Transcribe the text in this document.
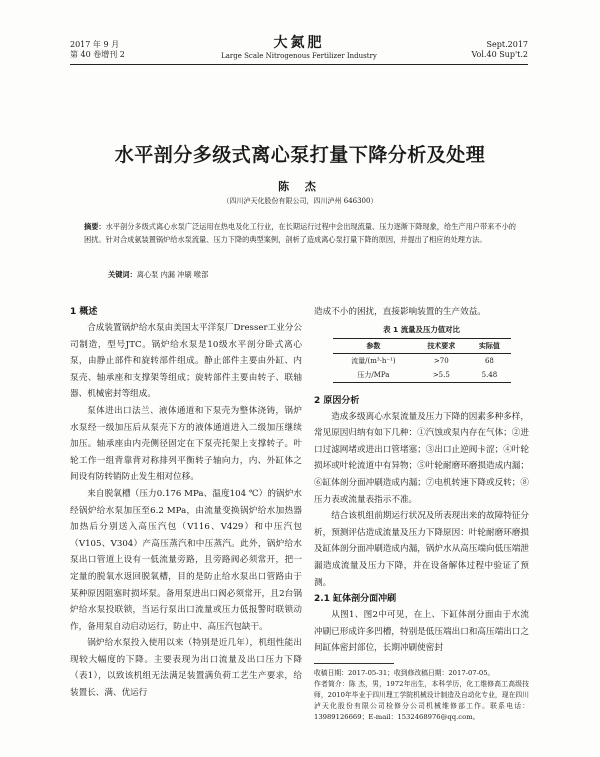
2017 年 9 月
第 40 卷增刊 2
大氮肥
Large Scale Nitrogenous Fertilizer Industry
Sept.2017
Vol.40 Sup't.2
水平剖分多级式离心泵打量下降分析及处理
陈 杰
（四川泸天化股份有限公司，四川泸州 646300）
摘要：水平剖分多级式离心水泵广泛运用在热电及化工行业，在长期运行过程中会出现流量、压力逐渐下降现象，给生产用户带来不小的困扰。针对合成氨装置锅炉给水泵流量、压力下降的典型案例，剖析了造成离心泵打量下降的原因，并提出了相应的处理方法。
关键词：离心泵 内漏 冲刷 喉部
1 概述

合成装置锅炉给水泵由美国太平洋泵厂Dresser工业分公司制造，型号JTC。锅炉给水泵是10级水平剖分卧式离心泵，由静止部件和旋转部件组成。静止部件主要由外缸、内泵壳、轴承座和支撑架等组成；旋转部件主要由转子、联轴器、机械密封等组成。

泵体进出口法兰、液体通道和下泵壳为整体浇铸，锅炉水泵经一级加压后从泵壳下方的液体通道进入二级加压继续加压。轴承座由内壳侧径固定在下泵壳托架上支撑转子。叶轮工作一组背靠背对称排列平衡转子轴向力，内、外缸体之间设有防转销防止发生相对位移。

来自脱氧槽（压力0.176 MPa、温度104 ℃）的锅炉水经锅炉给水泵加压至6.2 MPa，由流量变换锅炉给水加热器加热后分别送入高压汽包（V116、V429）和中压汽包（V105、V304）产高压蒸汽和中压蒸汽。此外，锅炉给水泵出口管道上设有一低流量旁路，且旁路阀必须常开，把一定量的脱氧水返回脱氧槽，目的是防止给水泵出口管路由于某种原因阻塞时损坏泵。备用泵进出口阀必须常开，且2台锅炉给水泵投联锁，当运行泵出口流量或压力低报警时联锁动作，备用泵自动启动运行，防止中、高压汽包缺干。

锅炉给水泵投入使用以来（特别是近几年），机组性能出现较大幅度的下降。主要表现为出口流量及出口压力下降（表1），以致该机组无法满足装置满负荷工艺生产要求，给装置长、满、优运行

造成不小的困扰，直接影响装置的生产效益。

表 1 流量及压力值对比
参数	技术要求	实际值
流量/(m³·h⁻¹)	>70	68
压力/MPa	>5.5	5.48
2 原因分析

造成多级离心水泵流量及压力下降的因素多种多样，常见原因归纳有如下几种：①汽蚀或泵内存在气体；②进口过滤网堵或进出口管堵塞；③出口止逆阀卡涩；④叶轮损坏或叶轮流道中有异物；⑤叶轮耐磨环磨损造成内漏；⑥缸体剖分面冲刷造成内漏；⑦电机转速下降或反转；⑧压力表或流量表指示不准。

结合该机组前期运行状况及所表现出来的故障特征分析，预测评估造成流量及压力下降原因：叶轮耐磨环磨损及缸体剖分面冲刷造成内漏，锅炉水从高压端向低压端泄漏造成流量及压力下降，并在设备解体过程中验证了预测。

2.1 缸体剖分面冲刷

从图1、图2中可见，在上、下缸体剖分面由于水流冲刷已形成许多凹槽，特别是低压端出口和高压端出口之间缸体密封部位，长期冲刷使密封

收稿日期：2017-05-31；收到修改稿日期：2017-07-05。
作者简介：陈 杰，男，1972年出生，本科学历，化工维修高工高级技师，2010年毕业于四川理工学院机械设计制造及自动化专业，现在四川泸天化股份有限公司检修分公司机械维修部工作。联系电话：13989126669；E-mail：1532468976@qq.com。
